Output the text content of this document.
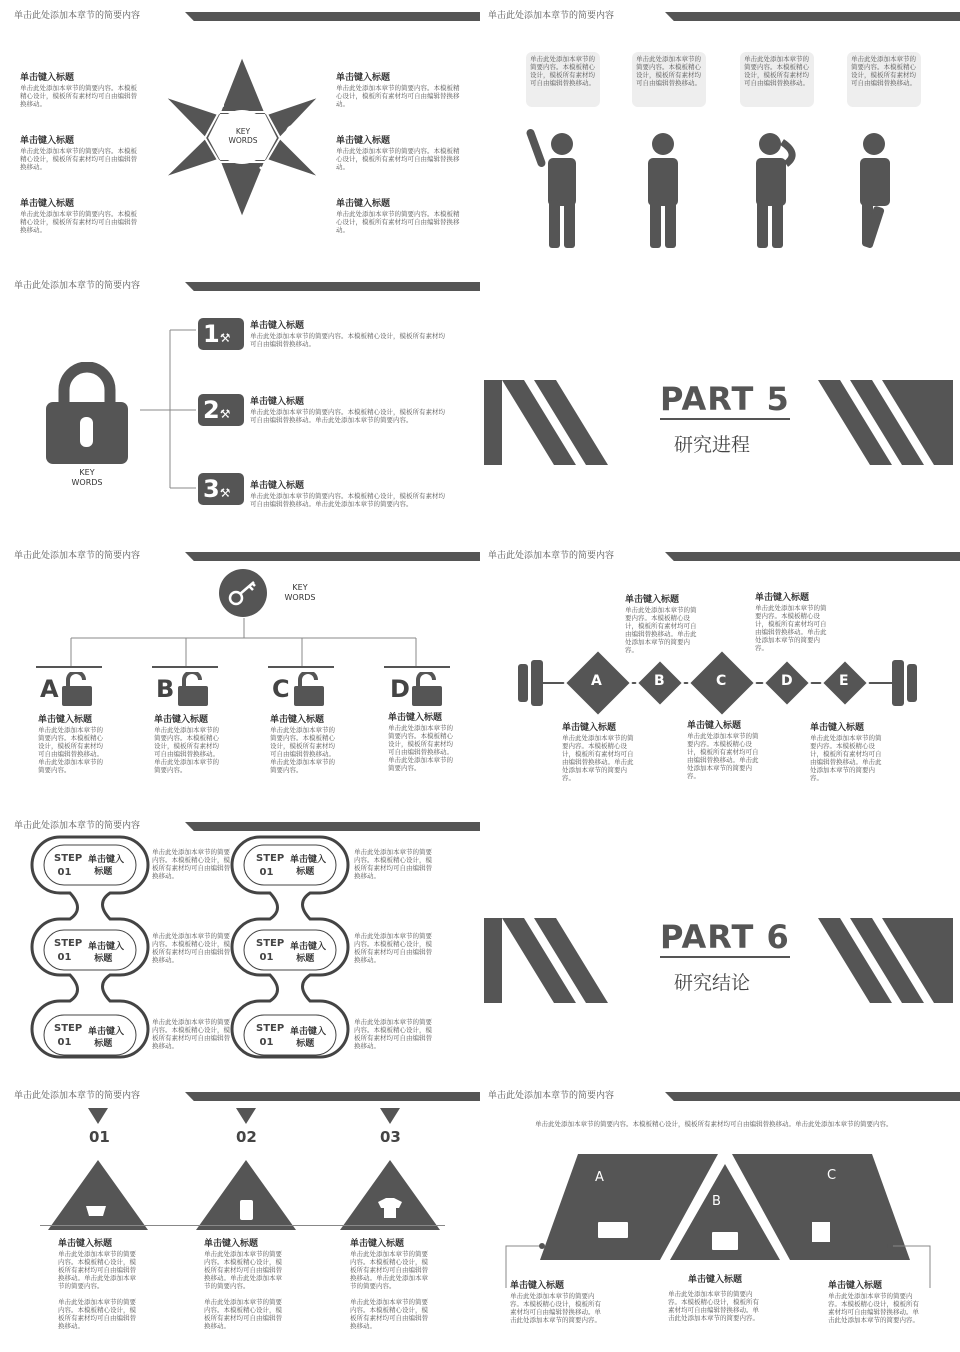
单击此处添加本章节的简要内容
单击键入标题
单击此处添加本章节的简要内容。本模板精心设计，模板所有素材均可自由编辑替换移动。
单击键入标题
单击此处添加本章节的简要内容。本模板精心设计，模板所有素材均可自由编辑替换移动。
单击键入标题
单击此处添加本章节的简要内容。本模板精心设计，模板所有素材均可自由编辑替换移动。
单击键入标题
单击此处添加本章节的简要内容。本模板精心设计，模板所有素材均可自由编辑替换移动。
单击键入标题
单击此处添加本章节的简要内容。本模板精心设计，模板所有素材均可自由编辑替换移动。
单击键入标题
单击此处添加本章节的简要内容。本模板精心设计，模板所有素材均可自由编辑替换移动。
KEY
WORDS
单击此处添加本章节的简要内容
单击此处添加本章节的简要内容。本模板精心设计，模板所有素材均可自由编辑替换移动。
单击此处添加本章节的简要内容。本模板精心设计，模板所有素材均可自由编辑替换移动。
单击此处添加本章节的简要内容。本模板精心设计，模板所有素材均可自由编辑替换移动。
单击此处添加本章节的简要内容。本模板精心设计，模板所有素材均可自由编辑替换移动。
单击此处添加本章节的简要内容
KEY
WORDS
1⚒
单击键入标题
单击此处添加本章节的简要内容。本模板精心设计，模板所有素材均可自由编辑替换移动。
2⚒
单击键入标题
单击此处添加本章节的简要内容。本模板精心设计，模板所有素材均可自由编辑替换移动。单击此处添加本章节的简要内容。
3⚒	单击键入标题
单击此处添加本章节的简要内容。本模板精心设计，模板所有素材均可自由编辑替换移动。单击此处添加本章节的简要内容。
PART 5
研究进程
单击此处添加本章节的简要内容
KEY
WORDS
A	B	C	D
单击键入标题
单击此处添加本章节的简要内容。本模板精心设计，模板所有素材均可自由编辑替换移动。单击此处添加本章节的简要内容。
单击键入标题
单击此处添加本章节的简要内容。本模板精心设计，模板所有素材均可自由编辑替换移动。单击此处添加本章节的简要内容。
单击键入标题
单击此处添加本章节的简要内容。本模板精心设计，模板所有素材均可自由编辑替换移动。单击此处添加本章节的简要内容。
单击键入标题
单击此处添加本章节的简要内容。本模板精心设计，模板所有素材均可自由编辑替换移动。单击此处添加本章节的简要内容。
单击此处添加本章节的简要内容
单击键入标题
单击此处添加本章节的简要内容。本模板精心设计，模板所有素材均可自由编辑替换移动。单击此处添加本章节的简要内容。
单击键入标题
单击此处添加本章节的简要内容。本模板精心设计，模板所有素材均可自由编辑替换移动。单击此处添加本章节的简要内容。
A	B	C	D	E
单击键入标题
单击此处添加本章节的简要内容。本模板精心设计，模板所有素材均可自由编辑替换移动。单击此处添加本章节的简要内容。
单击键入标题
单击此处添加本章节的简要内容。本模板精心设计，模板所有素材均可自由编辑替换移动。单击此处添加本章节的简要内容。
单击键入标题
单击此处添加本章节的简要内容。本模板精心设计，模板所有素材均可自由编辑替换移动。单击此处添加本章节的简要内容。
单击此处添加本章节的简要内容
STEP
01
单击键入
标题
STEP
01
单击键入
标题
STEP
01
单击键入
标题
STEP
01
单击键入
标题
STEP
01
单击键入
标题
STEP
01
单击键入
标题
单击此处添加本章节的简要内容。本模板精心设计，模板所有素材均可自由编辑替换移动。
单击此处添加本章节的简要内容。本模板精心设计，模板所有素材均可自由编辑替换移动。
单击此处添加本章节的简要内容。本模板精心设计，模板所有素材均可自由编辑替换移动。
单击此处添加本章节的简要内容。本模板精心设计，模板所有素材均可自由编辑替换移动。
单击此处添加本章节的简要内容。本模板精心设计，模板所有素材均可自由编辑替换移动。
单击此处添加本章节的简要内容。本模板精心设计，模板所有素材均可自由编辑替换移动。
PART 6
研究结论
单击此处添加本章节的简要内容
01	02	03
单击键入标题
单击此处添加本章节的简要内容。本模板精心设计，模板所有素材均可自由编辑替换移动。单击此处添加本章节的简要内容。
单击此处添加本章节的简要内容。本模板精心设计，模板所有素材均可自由编辑替换移动。
单击键入标题
单击此处添加本章节的简要内容。本模板精心设计，模板所有素材均可自由编辑替换移动。单击此处添加本章节的简要内容。
单击此处添加本章节的简要内容。本模板精心设计，模板所有素材均可自由编辑替换移动。
单击键入标题
单击此处添加本章节的简要内容。本模板精心设计，模板所有素材均可自由编辑替换移动。单击此处添加本章节的简要内容。
单击此处添加本章节的简要内容。本模板精心设计，模板所有素材均可自由编辑替换移动。
单击此处添加本章节的简要内容
单击此处添加本章节的简要内容。本模板精心设计，模板所有素材均可自由编辑替换移动。单击此处添加本章节的简要内容。
A
B
C
单击键入标题
单击此处添加本章节的简要内容。本模板精心设计，模板所有素材均可自由编辑替换移动。单击此处添加本章节的简要内容。
单击键入标题
单击此处添加本章节的简要内容。本模板精心设计，模板所有素材均可自由编辑替换移动。单击此处添加本章节的简要内容。
单击键入标题
单击此处添加本章节的简要内容。本模板精心设计，模板所有素材均可自由编辑替换移动。单击此处添加本章节的简要内容。
